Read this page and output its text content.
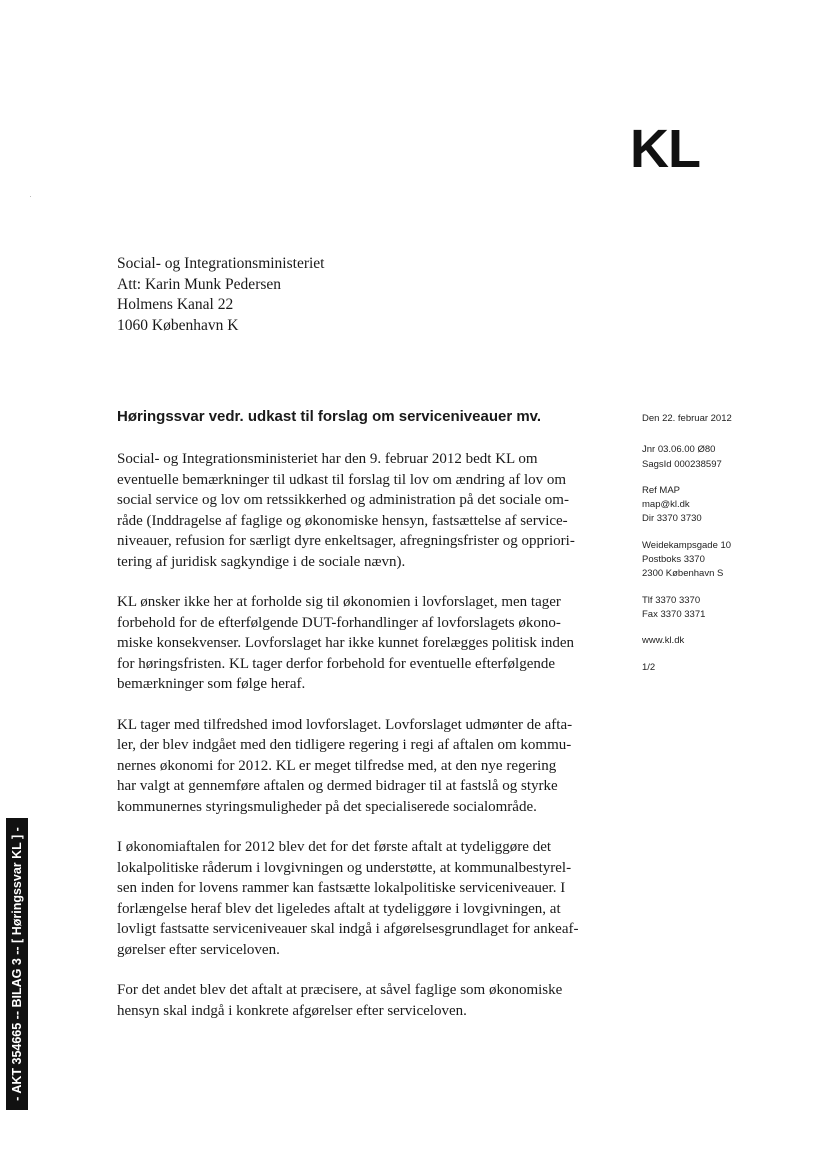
KL
Social- og Integrationsministeriet
Att: Karin Munk Pedersen
Holmens Kanal 22
1060 København K
Høringssvar vedr. udkast til forslag om serviceniveauer mv.

Social- og Integrationsministeriet har den 9. februar 2012 bedt KL om
eventuelle bemærkninger til udkast til forslag til lov om ændring af lov om
social service og lov om retssikkerhed og administration på det sociale om-
råde (Inddragelse af faglige og økonomiske hensyn, fastsættelse af service-
niveauer, refusion for særligt dyre enkeltsager, afregningsfrister og oppriori-
tering af juridisk sagkyndige i de sociale nævn).

KL ønsker ikke her at forholde sig til økonomien i lovforslaget, men tager
forbehold for de efterfølgende DUT-forhandlinger af lovforslagets økono-
miske konsekvenser. Lovforslaget har ikke kunnet forelægges politisk inden
for høringsfristen. KL tager derfor forbehold for eventuelle efterfølgende
bemærkninger som følge heraf.

KL tager med tilfredshed imod lovforslaget. Lovforslaget udmønter de afta-
ler, der blev indgået med den tidligere regering i regi af aftalen om kommu-
nernes økonomi for 2012. KL er meget tilfredse med, at den nye regering
har valgt at gennemføre aftalen og dermed bidrager til at fastslå og styrke
kommunernes styringsmuligheder på det specialiserede socialområde.

I økonomiaftalen for 2012 blev det for det første aftalt at tydeliggøre det
lokalpolitiske råderum i lovgivningen og understøtte, at kommunalbestyrel-
sen inden for lovens rammer kan fastsætte lokalpolitiske serviceniveauer. I
forlængelse heraf blev det ligeledes aftalt at tydeliggøre i lovgivningen, at
lovligt fastsatte serviceniveauer skal indgå i afgørelsesgrundlaget for ankeaf-
gørelser efter serviceloven.

For det andet blev det aftalt at præcisere, at såvel faglige som økonomiske
hensyn skal indgå i konkrete afgørelser efter serviceloven.

Den 22. februar 2012
Jnr 03.06.00 Ø80
SagsId 000238597
Ref MAP
map@kl.dk
Dir 3370 3730
Weidekampsgade 10
Postboks 3370
2300 København S
Tlf 3370 3370
Fax 3370 3371
www.kl.dk
1/2
- AKT 354665 -- BILAG 3 -- [ Høringssvar KL ] -
